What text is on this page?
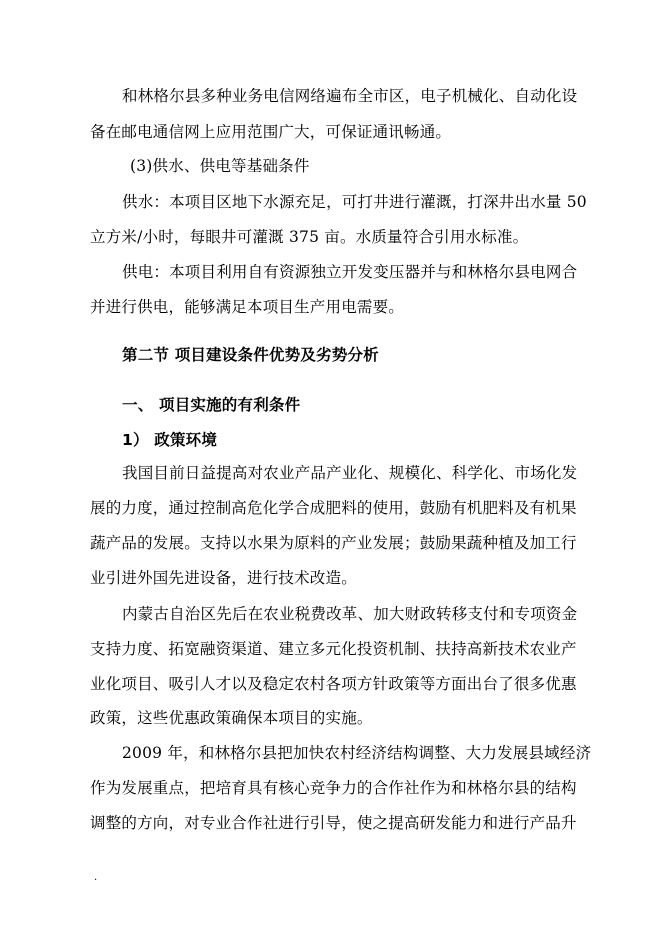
和林格尔县多种业务电信网络遍布全市区，电子机械化、自动化设
备在邮电通信网上应用范围广大，可保证通讯畅通。
(3)供水、供电等基础条件
供水：本项目区地下水源充足，可打井进行灌溉，打深井出水量 50
立方米/小时，每眼井可灌溉 375 亩。水质量符合引用水标准。
供电：本项目利用自有资源独立开发变压器并与和林格尔县电网合
并进行供电，能够满足本项目生产用电需要。
第二节 项目建设条件优势及劣势分析
一、 项目实施的有利条件
1） 政策环境
我国目前日益提高对农业产品产业化、规模化、科学化、市场化发
展的力度，通过控制高危化学合成肥料的使用，鼓励有机肥料及有机果
蔬产品的发展。支持以水果为原料的产业发展；鼓励果蔬种植及加工行
业引进外国先进设备，进行技术改造。
内蒙古自治区先后在农业税费改革、加大财政转移支付和专项资金
支持力度、拓宽融资渠道、建立多元化投资机制、扶持高新技术农业产
业化项目、吸引人才以及稳定农村各项方针政策等方面出台了很多优惠
政策，这些优惠政策确保本项目的实施。
2009 年，和林格尔县把加快农村经济结构调整、大力发展县域经济
作为发展重点，把培育具有核心竞争力的合作社作为和林格尔县的结构
调整的方向，对专业合作社进行引导，使之提高研发能力和进行产品升
.
